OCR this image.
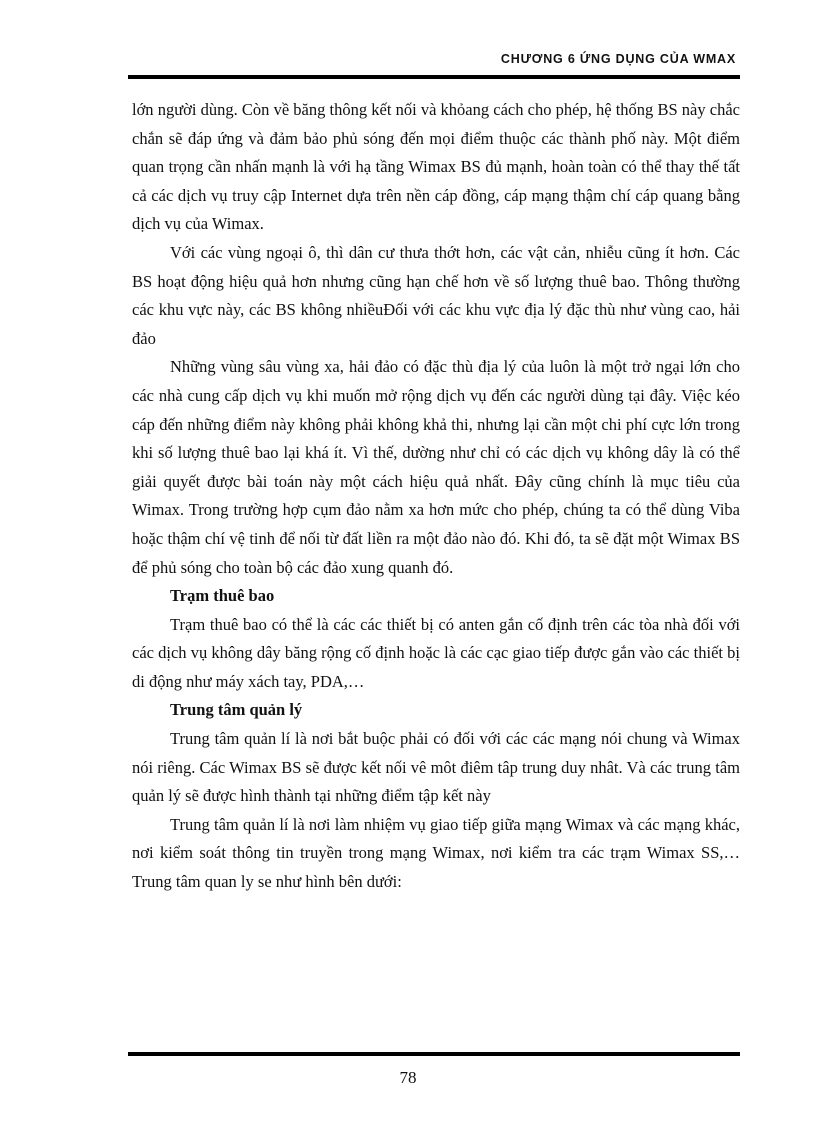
CHƯƠNG 6 ỨNG DỤNG CỦA WMAX

lớn người dùng. Còn về băng thông kết nối và khỏang cách cho phép, hệ thống BS này chắc chắn sẽ đáp ứng và đảm bảo phủ sóng đến mọi điểm thuộc các thành phố này. Một điểm quan trọng cần nhấn mạnh là với hạ tầng Wimax BS đủ mạnh, hoàn toàn có thể thay thế tất cả các dịch vụ truy cập Internet dựa trên nền cáp đồng, cáp mạng thậm chí cáp quang bằng dịch vụ của Wimax.

Với các vùng ngoại ô, thì dân cư thưa thớt hơn, các vật cản, nhiễu cũng ít hơn. Các BS hoạt động hiệu quả hơn nhưng cũng hạn chế hơn về số lượng thuê bao. Thông thường các khu vực này, các BS không nhiềuĐối với các khu vực địa lý đặc thù như vùng cao, hải đảo

Những vùng sâu vùng xa, hải đảo có đặc thù địa lý của luôn là một trở ngại lớn cho các nhà cung cấp dịch vụ khi muốn mở rộng dịch vụ đến các người dùng tại đây. Việc kéo cáp đến những điểm này không phải không khả thi, nhưng lại cần một chi phí cực lớn trong khi số lượng thuê bao lại khá ít. Vì thế, dường như chỉ có các dịch vụ không dây là có thể giải quyết được bài toán này một cách hiệu quả nhất. Đây cũng chính là mục tiêu của Wimax. Trong trường hợp cụm đảo nằm xa hơn mức cho phép, chúng ta có thể dùng Viba hoặc thậm chí vệ tinh để nối từ đất liền ra một đảo nào đó. Khi đó, ta sẽ đặt một Wimax BS để phủ sóng cho toàn bộ các đảo xung quanh đó.

Trạm thuê bao

Trạm thuê bao có thể là các các thiết bị có anten gắn cố định trên các tòa nhà đối với các dịch vụ không dây băng rộng cố định hoặc là các cạc giao tiếp được gắn vào các thiết bị di động như máy xách tay, PDA,…

Trung tâm quản lý

Trung tâm quản lí là nơi bắt buộc phải có đối với các các mạng nói chung và Wimax nói riêng. Các Wimax BS sẽ được kết nối vê môt điêm tâp trung duy nhât. Và các trung tâm quản lý sẽ được hình thành tại những điểm tập kết này

Trung tâm quản lí là nơi làm nhiệm vụ giao tiếp giữa mạng Wimax và các mạng khác, nơi kiểm soát thông tin truyền trong mạng Wimax, nơi kiểm tra các trạm Wimax SS,… Trung tâm quan ly se như hình bên dưới:

78
